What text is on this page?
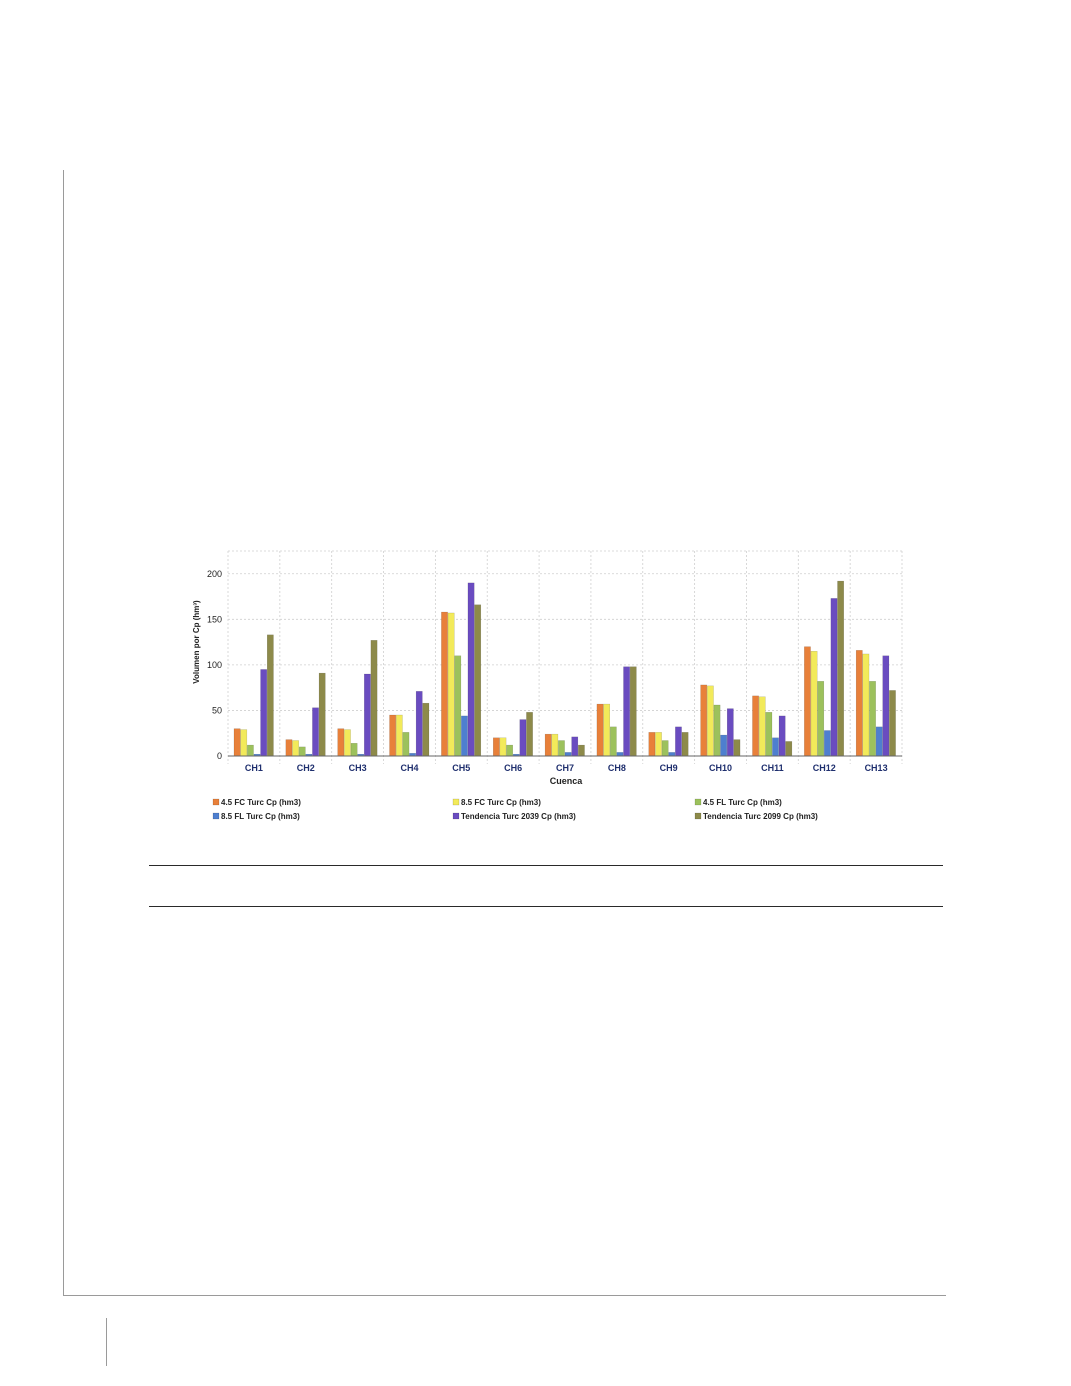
0
50
100
150
200
CH1	CH2	CH3	CH4	CH5	CH6	CH7	CH8	CH9	CH10	CH11	CH12	CH13
Volumen por Cp (hm³)
Cuenca
4.5 FC Turc Cp (hm3)	8.5 FC Turc Cp (hm3)	4.5 FL Turc Cp (hm3)
8.5 FL Turc Cp (hm3)	Tendencia Turc 2039 Cp (hm3)	Tendencia Turc 2099 Cp (hm3)
